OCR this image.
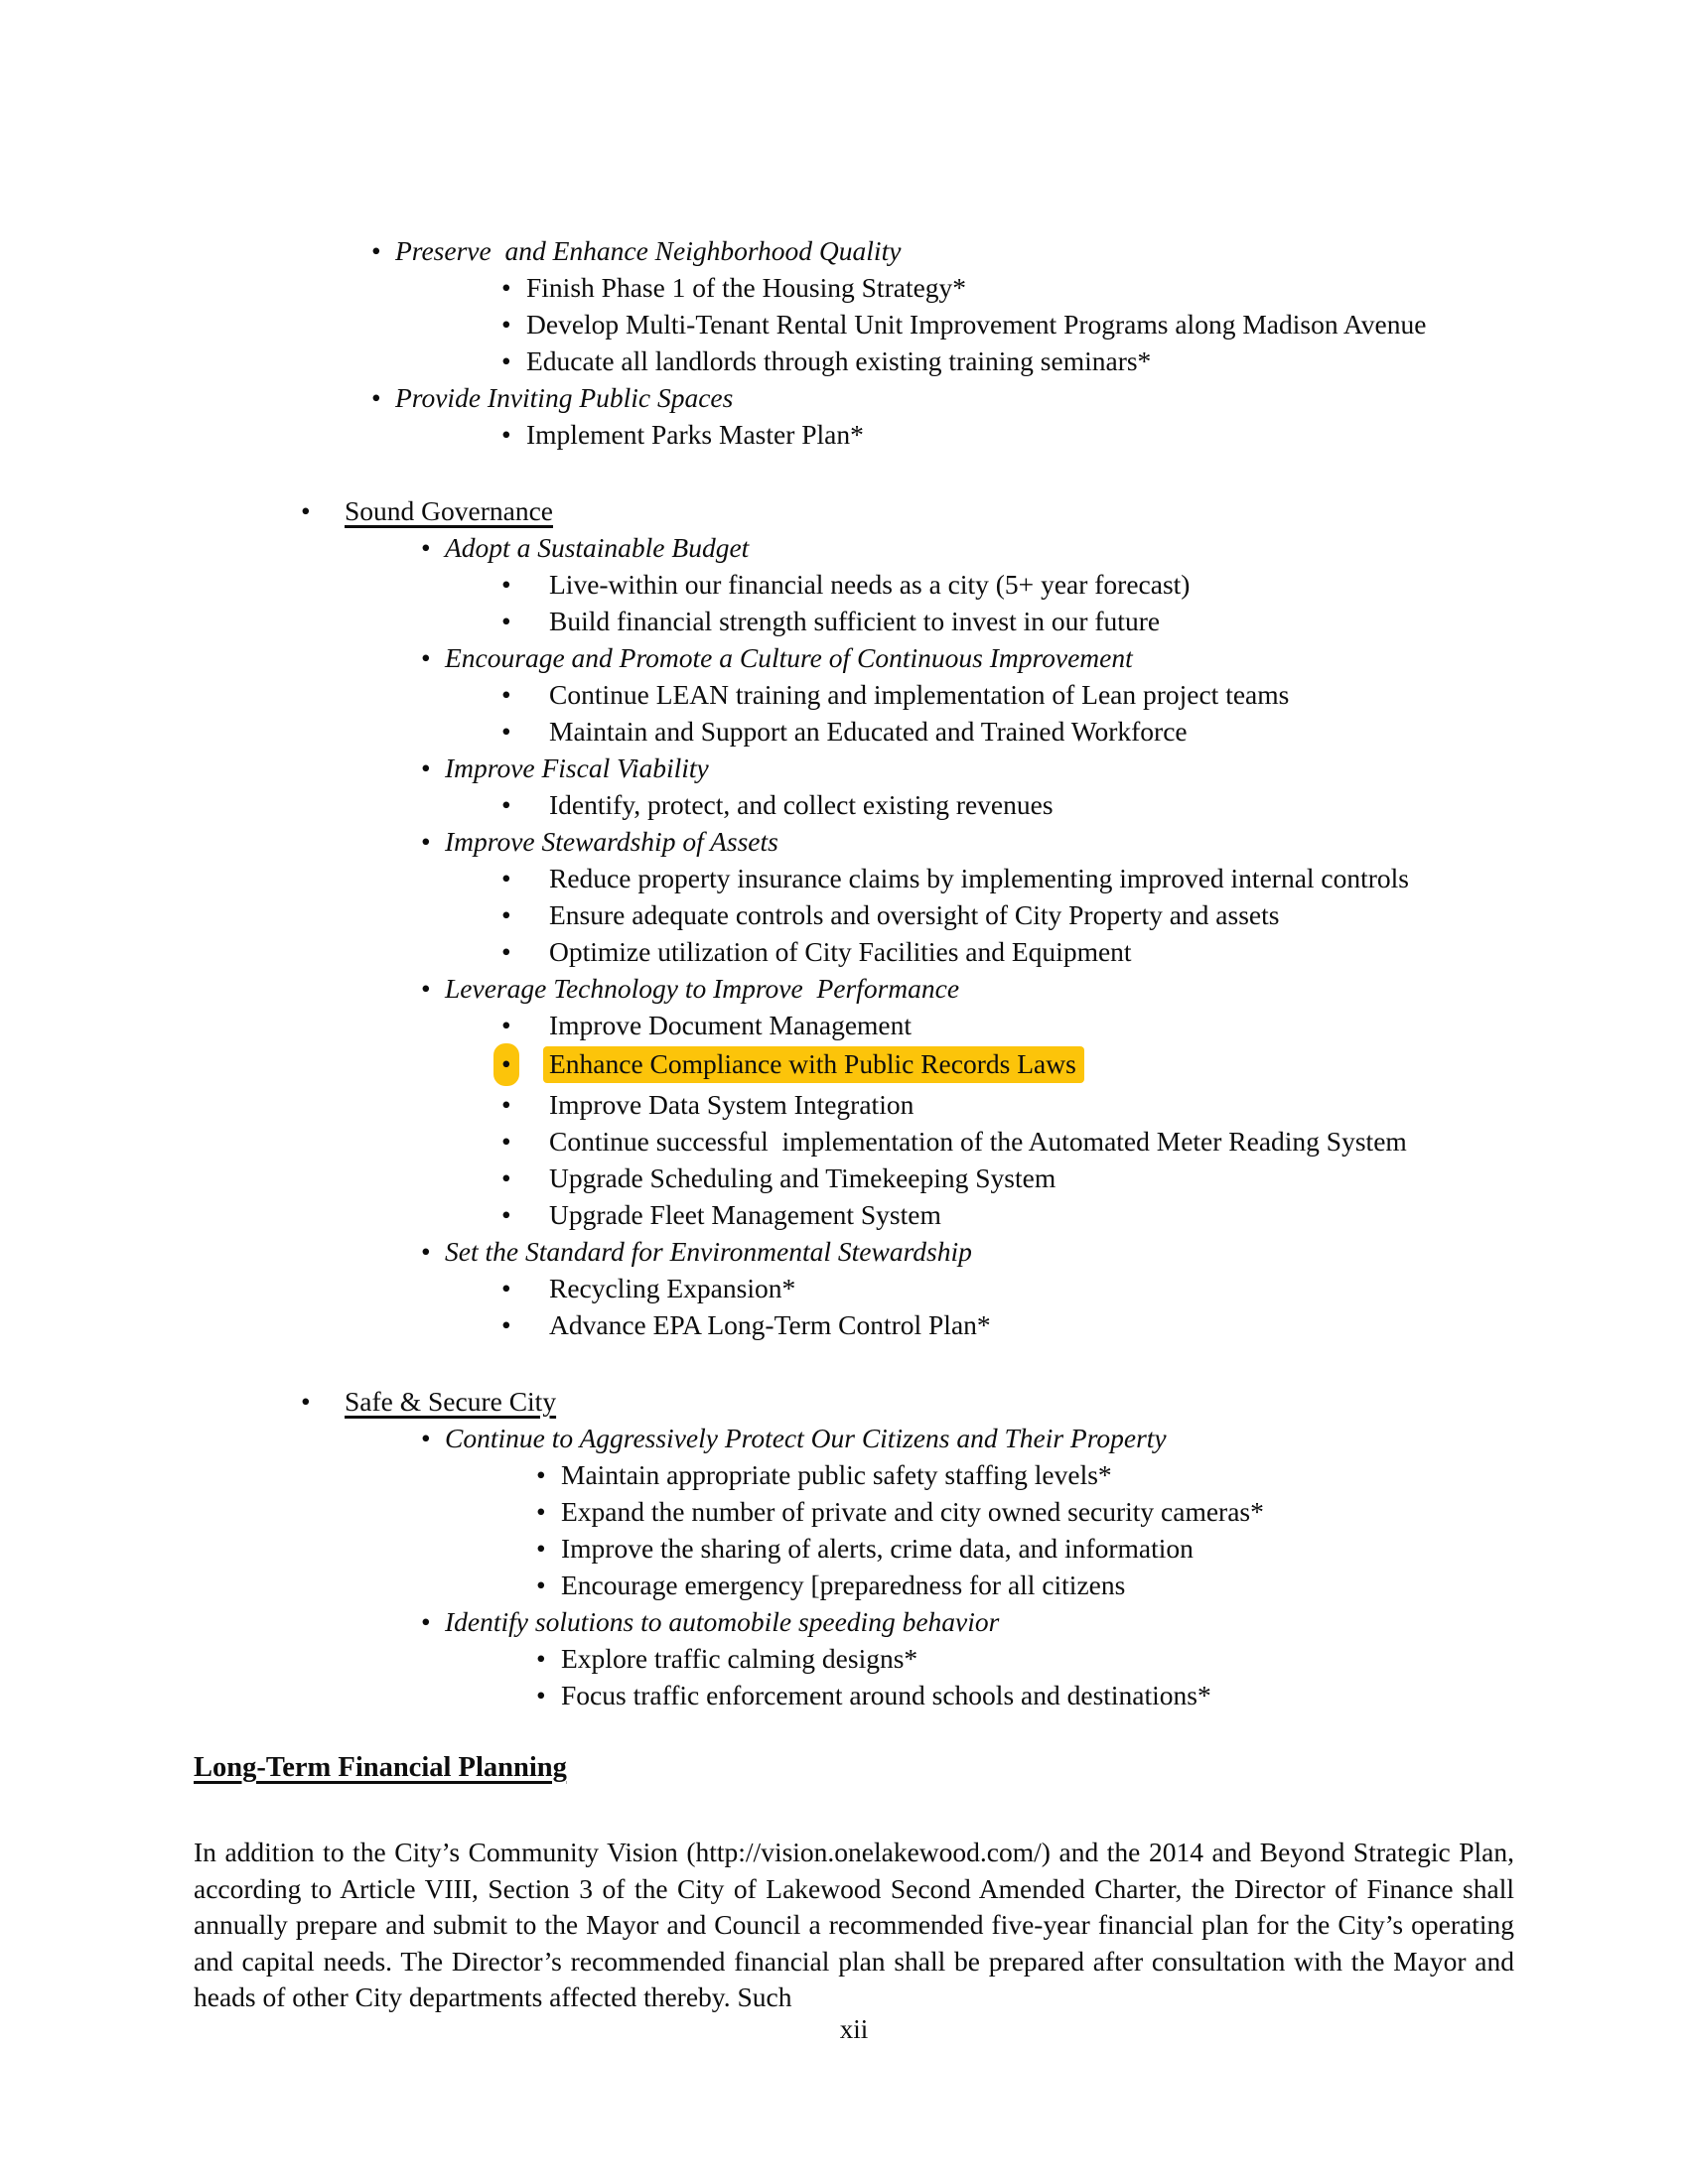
• Preserve  and Enhance Neighborhood Quality
• Finish Phase 1 of the Housing Strategy*
• Develop Multi-Tenant Rental Unit Improvement Programs along Madison Avenue
• Educate all landlords through existing training seminars*
• Provide Inviting Public Spaces
• Implement Parks Master Plan*
• Sound Governance
• Adopt a Sustainable Budget
• Live-within our financial needs as a city (5+ year forecast)
• Build financial strength sufficient to invest in our future
• Encourage and Promote a Culture of Continuous Improvement
• Continue LEAN training and implementation of Lean project teams
• Maintain and Support an Educated and Trained Workforce
• Improve Fiscal Viability
• Identify, protect, and collect existing revenues
• Improve Stewardship of Assets
• Reduce property insurance claims by implementing improved internal controls
• Ensure adequate controls and oversight of City Property and assets
• Optimize utilization of City Facilities and Equipment
• Leverage Technology to Improve  Performance
• Improve Document Management
• Enhance Compliance with Public Records Laws
• Improve Data System Integration
• Continue successful  implementation of the Automated Meter Reading System
• Upgrade Scheduling and Timekeeping System
• Upgrade Fleet Management System
• Set the Standard for Environmental Stewardship
• Recycling Expansion*
• Advance EPA Long-Term Control Plan*
• Safe & Secure City
• Continue to Aggressively Protect Our Citizens and Their Property
• Maintain appropriate public safety staffing levels*
• Expand the number of private and city owned security cameras*
• Improve the sharing of alerts, crime data, and information
• Encourage emergency [preparedness for all citizens
• Identify solutions to automobile speeding behavior
• Explore traffic calming designs*
• Focus traffic enforcement around schools and destinations*
Long-Term Financial Planning
In addition to the City’s Community Vision (http://vision.onelakewood.com/) and the 2014 and Beyond Strategic Plan, according to Article VIII, Section 3 of the City of Lakewood Second Amended Charter, the Director of Finance shall annually prepare and submit to the Mayor and Council a recommended five-year financial plan for the City’s operating and capital needs. The Director’s recommended financial plan shall be prepared after consultation with the Mayor and heads of other City departments affected thereby. Such
xii
